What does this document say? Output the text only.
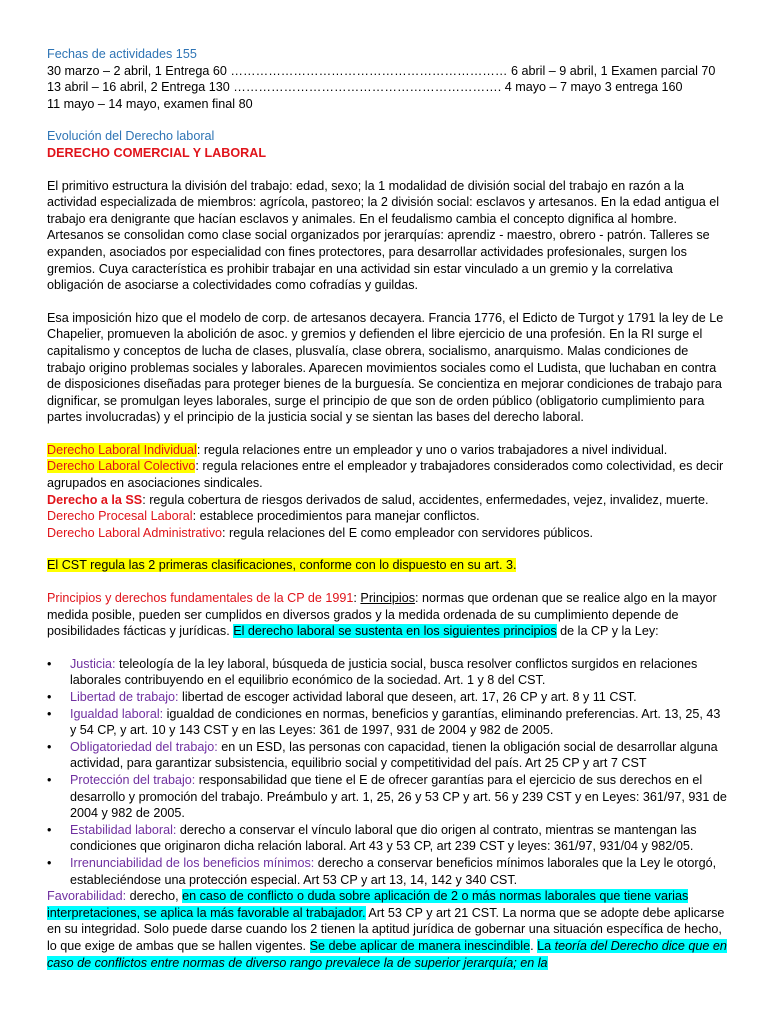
Fechas de actividades 155

30 marzo – 2 abril, 1 Entrega 60 ………………………………………………………… 6 abril – 9 abril, 1 Examen parcial 70

13 abril – 16 abril, 2 Entrega 130 ………………………………………………………. 4 mayo – 7 mayo 3 entrega 160

11 mayo – 14 mayo, examen final 80

Evolución del Derecho laboral

DERECHO COMERCIAL Y LABORAL

El primitivo estructura la división del trabajo: edad, sexo; la 1 modalidad de división social del trabajo en razón a la actividad especializada de miembros: agrícola, pastoreo; la 2 división social: esclavos y artesanos. En la edad antigua el trabajo era denigrante que hacían esclavos y animales. En el feudalismo cambia el concepto dignifica al hombre. Artesanos se consolidan como clase social organizados por jerarquías: aprendiz - maestro, obrero - patrón. Talleres se expanden, asociados por especialidad con fines protectores, para desarrollar actividades profesionales, surgen los gremios. Cuya característica es prohibir trabajar en una actividad sin estar vinculado a un gremio y la correlativa obligación de asociarse a colectividades como cofradías y guildas.

Esa imposición hizo que el modelo de corp. de artesanos decayera. Francia 1776, el Edicto de Turgot y 1791 la ley de Le Chapelier, promueven la abolición de asoc. y gremios y defienden el libre ejercicio de una profesión. En la RI surge el capitalismo y conceptos de lucha de clases, plusvalía, clase obrera, socialismo, anarquismo. Malas condiciones de trabajo origino problemas sociales y laborales. Aparecen movimientos sociales como el Ludista, que luchaban en contra de disposiciones diseñadas para proteger bienes de la burguesía. Se concientiza en mejorar condiciones de trabajo para dignificar, se promulgan leyes laborales, surge el principio de que son de orden público (obligatorio cumplimiento para partes involucradas) y el principio de la justicia social y se sientan las bases del derecho laboral.

Derecho Laboral Individual: regula relaciones entre un empleador y uno o varios trabajadores a nivel individual.

Derecho Laboral Colectivo: regula relaciones entre el empleador y trabajadores considerados como colectividad, es decir agrupados en asociaciones sindicales.

Derecho a la SS: regula cobertura de riesgos derivados de salud, accidentes, enfermedades, vejez, invalidez, muerte.

Derecho Procesal Laboral: establece procedimientos para manejar conflictos.

Derecho Laboral Administrativo: regula relaciones del E como empleador con servidores públicos.

El CST regula las 2 primeras clasificaciones, conforme con lo dispuesto en su art. 3.

Principios y derechos fundamentales de la CP de 1991: Principios: normas que ordenan que se realice algo en la mayor medida posible, pueden ser cumplidos en diversos grados y la medida ordenada de su cumplimiento depende de posibilidades fácticas y jurídicas. El derecho laboral se sustenta en los siguientes principios de la CP y la Ley:

• Justicia: teleología de la ley laboral, búsqueda de justicia social, busca resolver conflictos surgidos en relaciones laborales contribuyendo en el equilibrio económico de la sociedad. Art. 1 y 8 del CST.
• Libertad de trabajo: libertad de escoger actividad laboral que deseen, art. 17, 26 CP y art. 8 y 11 CST.
• Igualdad laboral: igualdad de condiciones en normas, beneficios y garantías, eliminando preferencias. Art. 13, 25, 43 y 54 CP, y art. 10 y 143 CST y en las Leyes: 361 de 1997, 931 de 2004 y 982 de 2005.
• Obligatoriedad del trabajo: en un ESD, las personas con capacidad, tienen la obligación social de desarrollar alguna actividad, para garantizar subsistencia, equilibrio social y competitividad del país. Art 25 CP y art 7 CST
• Protección del trabajo: responsabilidad que tiene el E de ofrecer garantías para el ejercicio de sus derechos en el desarrollo y promoción del trabajo. Preámbulo y art. 1, 25, 26 y 53 CP y art. 56 y 239 CST y en Leyes: 361/97, 931 de 2004 y 982 de 2005.
• Estabilidad laboral: derecho a conservar el vínculo laboral que dio origen al contrato, mientras se mantengan las condiciones que originaron dicha relación laboral. Art 43 y 53 CP, art 239 CST y leyes: 361/97, 931/04 y 982/05.
• Irrenunciabilidad de los beneficios mínimos: derecho a conservar beneficios mínimos laborales que la Ley le otorgó, estableciéndose una protección especial. Art 53 CP y art 13, 14, 142 y 340 CST.

Favorabilidad: derecho, en caso de conflicto o duda sobre aplicación de 2 o más normas laborales que tiene varias interpretaciones, se aplica la más favorable al trabajador. Art 53 CP y art 21 CST. La norma que se adopte debe aplicarse en su integridad. Solo puede darse cuando los 2 tienen la aptitud jurídica de gobernar una situación específica de hecho, lo que exige de ambas que se hallen vigentes. Se debe aplicar de manera inescindible. La teoría del Derecho dice que en caso de conflictos entre normas de diverso rango prevalece la de superior jerarquía; en la
